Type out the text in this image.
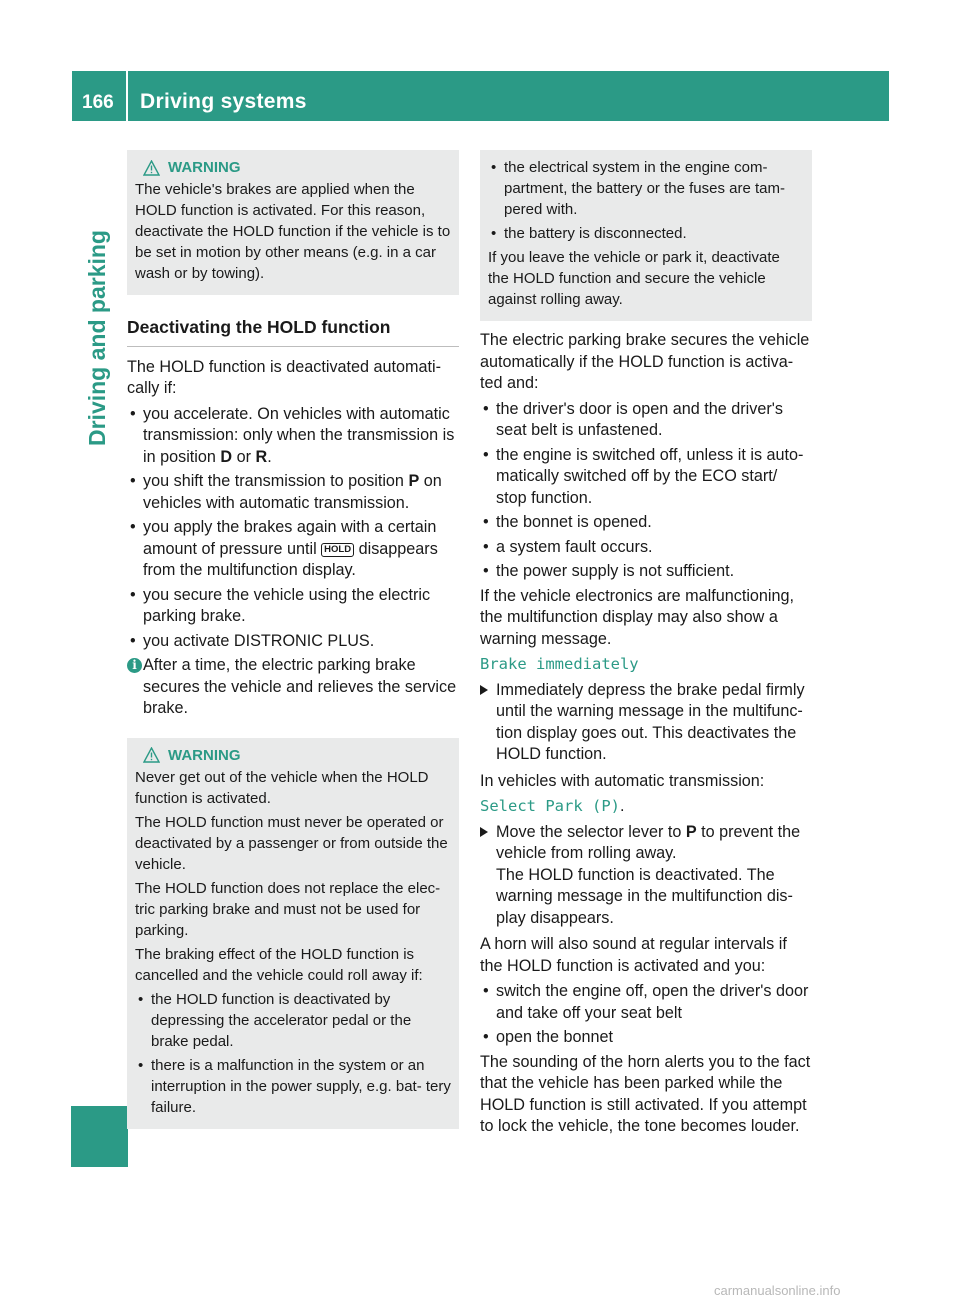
166 Driving systems
Driving and parking
WARNING

The vehicle's brakes are applied when the HOLD function is activated. For this reason, deactivate the HOLD function if the vehicle is to be set in motion by other means (e.g. in a car wash or by towing).

Deactivating the HOLD function

The HOLD function is deactivated automati- cally if:

• you accelerate. On vehicles with automatic transmission: only when the transmission is in position D or R.
• you shift the transmission to position P on vehicles with automatic transmission.
• you apply the brakes again with a certain amount of pressure until HOLD disappears from the multifunction display.
• you secure the vehicle using the electric parking brake.
• you activate DISTRONIC PLUS.
i After a time, the electric parking brake secures the vehicle and relieves the service brake.
WARNING

Never get out of the vehicle when the HOLD function is activated.

The HOLD function must never be operated or deactivated by a passenger or from outside the vehicle.

The HOLD function does not replace the elec- tric parking brake and must not be used for parking.

The braking effect of the HOLD function is cancelled and the vehicle could roll away if:

• the HOLD function is deactivated by depressing the accelerator pedal or the brake pedal.
• there is a malfunction in the system or an interruption in the power supply, e.g. bat- tery failure.
• the electrical system in the engine com- partment, the battery or the fuses are tam- pered with.
• the battery is disconnected.

If you leave the vehicle or park it, deactivate the HOLD function and secure the vehicle against rolling away.

The electric parking brake secures the vehicle automatically if the HOLD function is activa- ted and:

• the driver's door is open and the driver's seat belt is unfastened.
• the engine is switched off, unless it is auto- matically switched off by the ECO start/ stop function.
• the bonnet is opened.
• a system fault occurs.
• the power supply is not sufficient.

If the vehicle electronics are malfunctioning, the multifunction display may also show a warning message.

Brake immediately

Immediately depress the brake pedal firmly until the warning message in the multifunc- tion display goes out. This deactivates the HOLD function.

In vehicles with automatic transmission:

Select Park (P).

Move the selector lever to P to prevent the vehicle from rolling away.
The HOLD function is deactivated. The warning message in the multifunction dis- play disappears.

A horn will also sound at regular intervals if the HOLD function is activated and you:

• switch the engine off, open the driver's door and take off your seat belt
• open the bonnet

The sounding of the horn alerts you to the fact that the vehicle has been parked while the HOLD function is still activated. If you attempt to lock the vehicle, the tone becomes louder.

carmanualsonline.info
